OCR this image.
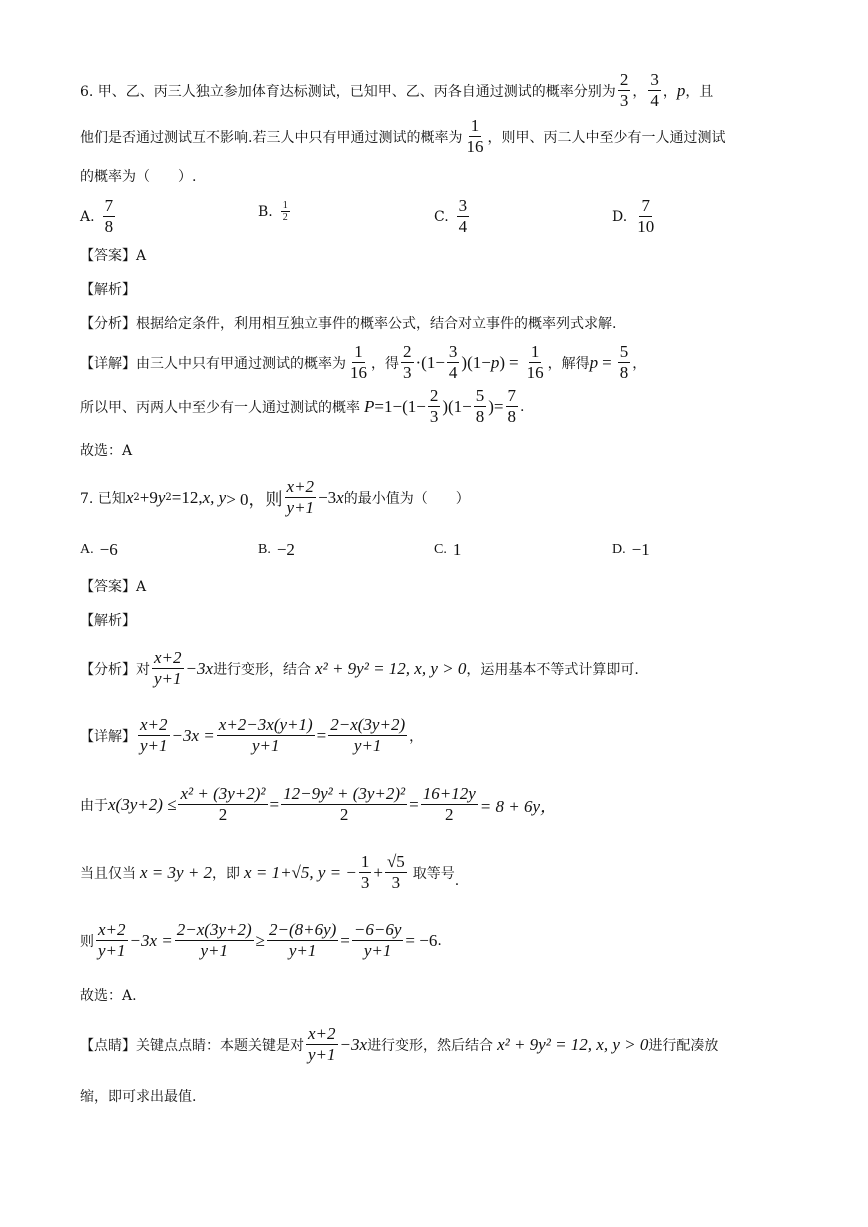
6. 甲、乙、丙三人独立参加体育达标测试，已知甲、乙、丙各自通过测试的概率分别为 $\frac{2}{3}$ ， $\frac{3}{4}$ ， p ，且
他们是否通过测试互不影响.若三人中只有甲通过测试的概率为 $\frac{1}{16}$ ，则甲、丙二人中至少有一人通过测试
的概率为（　　）.
A. $\frac{7}{8}$	B. $\frac{1}{2}$	C. $\frac{3}{4}$	D. $\frac{7}{10}$
【答案】A
【解析】
【分析】根据给定条件，利用相互独立事件的概率公式，结合对立事件的概率列式求解.
【详解】由三人中只有甲通过测试的概率为 $\frac{1}{16}$ ，得 $\frac{2}{3} \cdot(1- \frac{3}{4} )(1- p$ ) = $\frac{1}{16}$ ，解得 $p = \frac{5}{8}$ ，
所以甲、丙两人中至少有一人通过测试的概率 $P =1-(1- \frac{2}{3} )(1- \frac{5}{8}$ )= $\frac{7}{8}$ .
故选：A
7. 已知 x 2 +9 y 2 =12, x, y > 0，则 $\frac{x+2}{y+1} -3$ x 的最小值为（　　）
A. −6	B. −2	C. 1	D. −1
【答案】A
【解析】
【分析】对 $\frac{x+2}{y+1} -3x$ 进行变形，结合 x² + 9y² = 12, x, y > 0 ，运用基本不等式计算即可.
【详解】 $\frac{x+2}{y+1} -3x = \frac{x+2-3x(y+1)}{y+1} = \frac{2-x(3y+2)}{y+1}$ ，
由于 $x(3y+2) \le \frac{\text{x² + (3y+2)²}}{2} = \frac{\text{12−9y² + (3y+2)²}}{2} = \frac{16+12y}{2} = 8 + 6y$，
当且仅当 x = 3y + 2 ，即 x = 1+√5, y = − $\frac{1}{3} + \frac{√5}{3}$ 取等号 .
则 $\frac{x+2}{y+1} -3x = \frac{2-x(3y+2)}{y+1} \ge \frac{2-(8+6y)}{y+1} = \frac{-6-6y}{y+1} = -6$ .
故选：A.
【点睛】关键点点睛：本题关键是对 $\frac{x+2}{y+1} -3x$ 进行变形，然后结合 x² + 9y² = 12, x, y > 0 进行配凑放
缩，即可求出最值.
